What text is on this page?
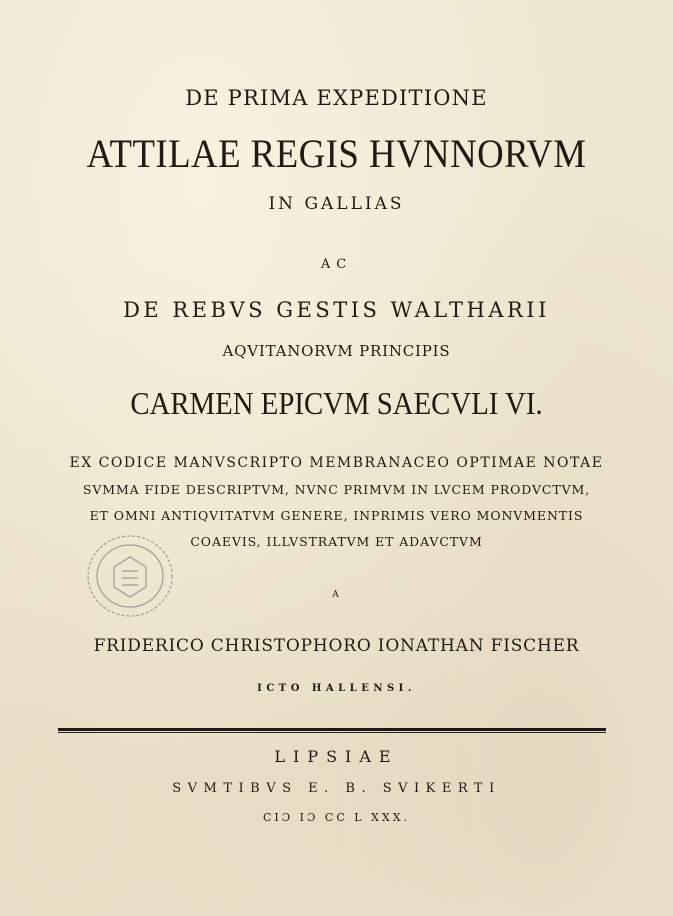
DE PRIMA EXPEDITIONE
ATTILAE REGIS HVNNORVM
IN GALLIAS
AC
DE REBVS GESTIS WALTHARII
AQVITANORVM PRINCIPIS
CARMEN EPICVM SAECVLI VI.
EX CODICE MANVSCRIPTO MEMBRANACEO OPTIMAE NOTAE
SVMMA FIDE DESCRIPTVM, NVNC PRIMVM IN LVCEM PRODVCTVM,
ET OMNI ANTIQVITATVM GENERE, INPRIMIS VERO MONVMENTIS
COAEVIS, ILLVSTRATVM ET ADAVCTVM
A
FRIDERICO CHRISTOPHORO IONATHAN FISCHER
ICTO HALLENSI.
LIPSIAE
SVMTIBVS E. B. SVIKERTI
CIƆ IƆ CC L XXX.
